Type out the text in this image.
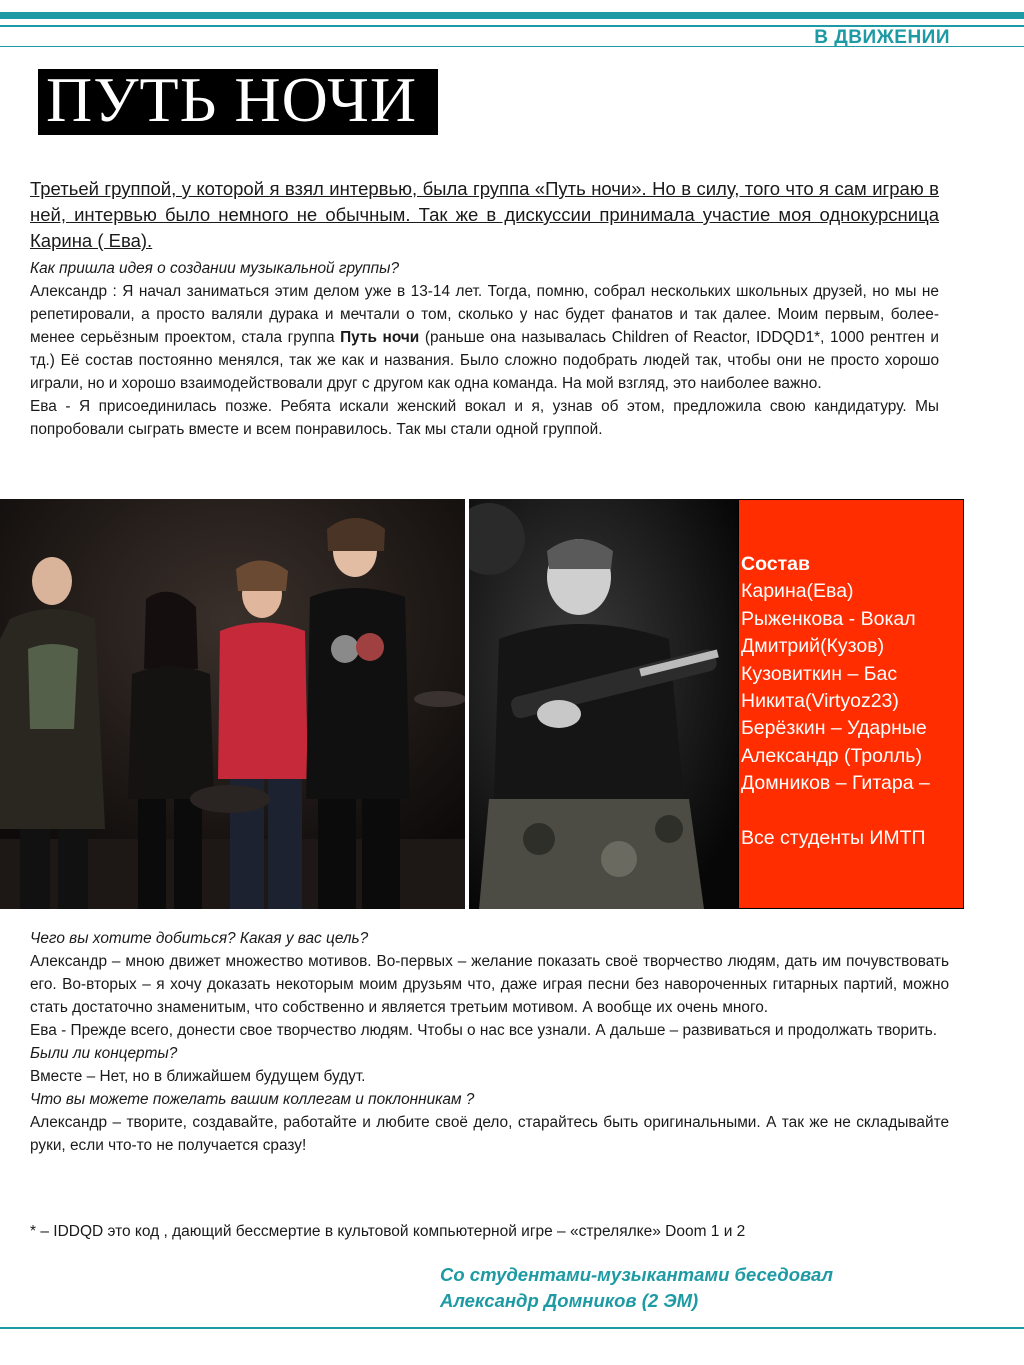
В ДВИЖЕНИИ
ПУТЬ НОЧИ
Третьей группой, у которой я взял интервью, была группа «Путь ночи». Но в силу, того что я сам играю в ней, интервью было немного не обычным. Так же в дискуссии принимала участие моя однокурсница Карина ( Ева).

Как пришла идея о создании музыкальной группы?

Александр : Я начал заниматься этим делом уже в 13-14 лет. Тогда, помню, собрал нескольких школьных друзей, но мы не репетировали, а просто валяли дурака и мечтали о том, сколько у нас будет фанатов и так далее. Моим первым, более-менее серьёзным проектом, стала группа Путь ночи (раньше она называлась Children of Reactor, IDDQD1*, 1000 рентген и тд.) Её состав постоянно менялся, так же как и названия. Было сложно подобрать людей так, чтобы они не просто хорошо играли, но и хорошо взаимодействовали друг с другом как одна команда. На мой взгляд, это наиболее важно.

Ева - Я присоединилась позже. Ребята искали женский вокал и я, узнав об этом, предложила свою кандидатуру. Мы попробовали сыграть вместе и всем понравилось. Так мы стали одной группой.

Состав
Карина(Ева)
Рыженкова - Вокал
Дмитрий(Кузов)
Кузовиткин – Бас
Никита(Virtyoz23)
Берёзкин – Ударные
Александр (Тролль)
Домников – Гитара –

Все студенты ИМТП

Чего вы хотите добиться? Какая у вас цель?

Александр – мною движет множество мотивов. Во-первых – желание показать своё творчество людям, дать им почувствовать его. Во-вторых – я хочу доказать некоторым моим друзьям что, даже играя песни без навороченных гитарных партий, можно стать достаточно знаменитым, что собственно и является третьим мотивом. А вообще их очень много.

Ева - Прежде всего, донести свое творчество людям. Чтобы о нас все узнали. А дальше – развиваться и продолжать творить.

Были ли концерты?

Вместе – Нет, но в ближайшем будущем будут.

Что вы можете пожелать вашим коллегам и поклонникам ?

Александр – творите, создавайте, работайте и любите своё дело, старайтесь быть оригинальными. А так же не складывайте руки, если что-то не получается сразу!

* – IDDQD это код , дающий бессмертие в культовой компьютерной игре – «стрелялке» Doom 1 и 2
Со студентами-музыкантами беседовал
Александр Домников (2 ЭМ)
